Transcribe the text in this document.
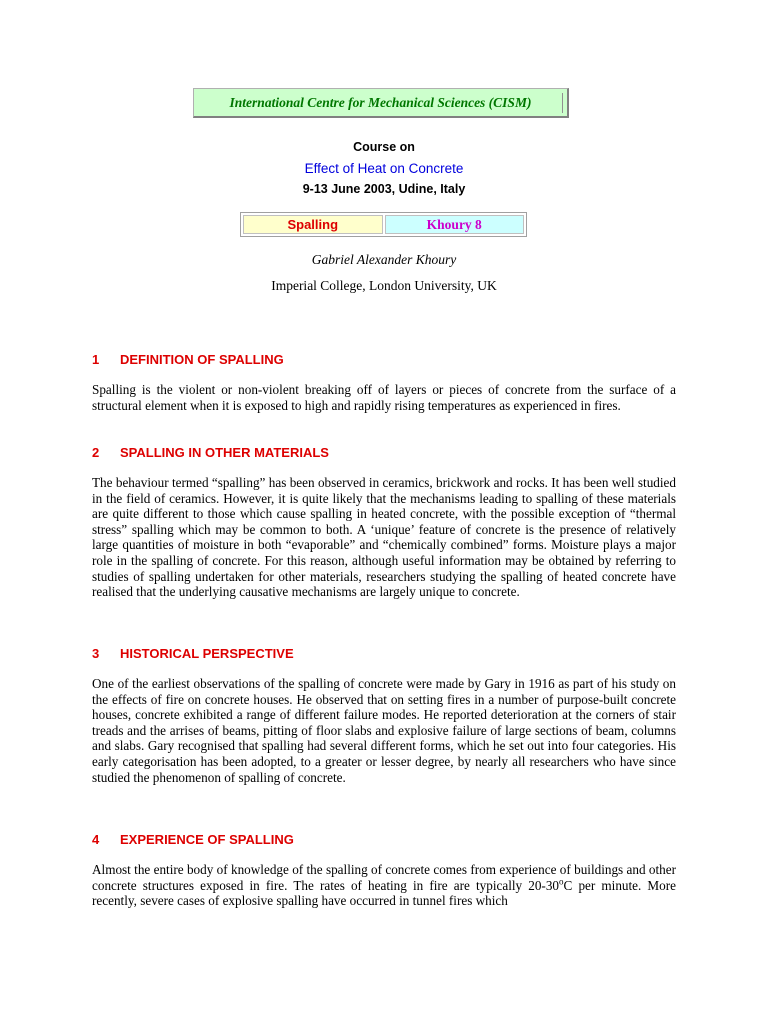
International Centre for Mechanical Sciences (CISM)
Course on
Effect of Heat on Concrete
9-13 June 2003, Udine, Italy
Spalling	Khoury 8
Gabriel Alexander Khoury
Imperial College, London University, UK

1 DEFINITION OF SPALLING

Spalling is the violent or non-violent breaking off of layers or pieces of concrete from the surface of a structural element when it is exposed to high and rapidly rising temperatures as experienced in fires.

2 SPALLING IN OTHER MATERIALS

The behaviour termed “spalling” has been observed in ceramics, brickwork and rocks. It has been well studied in the field of ceramics. However, it is quite likely that the mechanisms leading to spalling of these materials are quite different to those which cause spalling in heated concrete, with the possible exception of “thermal stress” spalling which may be common to both. A ‘unique’ feature of concrete is the presence of relatively large quantities of moisture in both “evaporable” and “chemically combined” forms. Moisture plays a major role in the spalling of concrete. For this reason, although useful information may be obtained by referring to studies of spalling undertaken for other materials, researchers studying the spalling of heated concrete have realised that the underlying causative mechanisms are largely unique to concrete.

3 HISTORICAL PERSPECTIVE

One of the earliest observations of the spalling of concrete were made by Gary in 1916 as part of his study on the effects of fire on concrete houses. He observed that on setting fires in a number of purpose-built concrete houses, concrete exhibited a range of different failure modes. He reported deterioration at the corners of stair treads and the arrises of beams, pitting of floor slabs and explosive failure of large sections of beam, columns and slabs. Gary recognised that spalling had several different forms, which he set out into four categories. His early categorisation has been adopted, to a greater or lesser degree, by nearly all researchers who have since studied the phenomenon of spalling of concrete.

4 EXPERIENCE OF SPALLING

Almost the entire body of knowledge of the spalling of concrete comes from experience of buildings and other concrete structures exposed in fire. The rates of heating in fire are typically 20-30$^o$C per minute. More recently, severe cases of explosive spalling have occurred in tunnel fires which
